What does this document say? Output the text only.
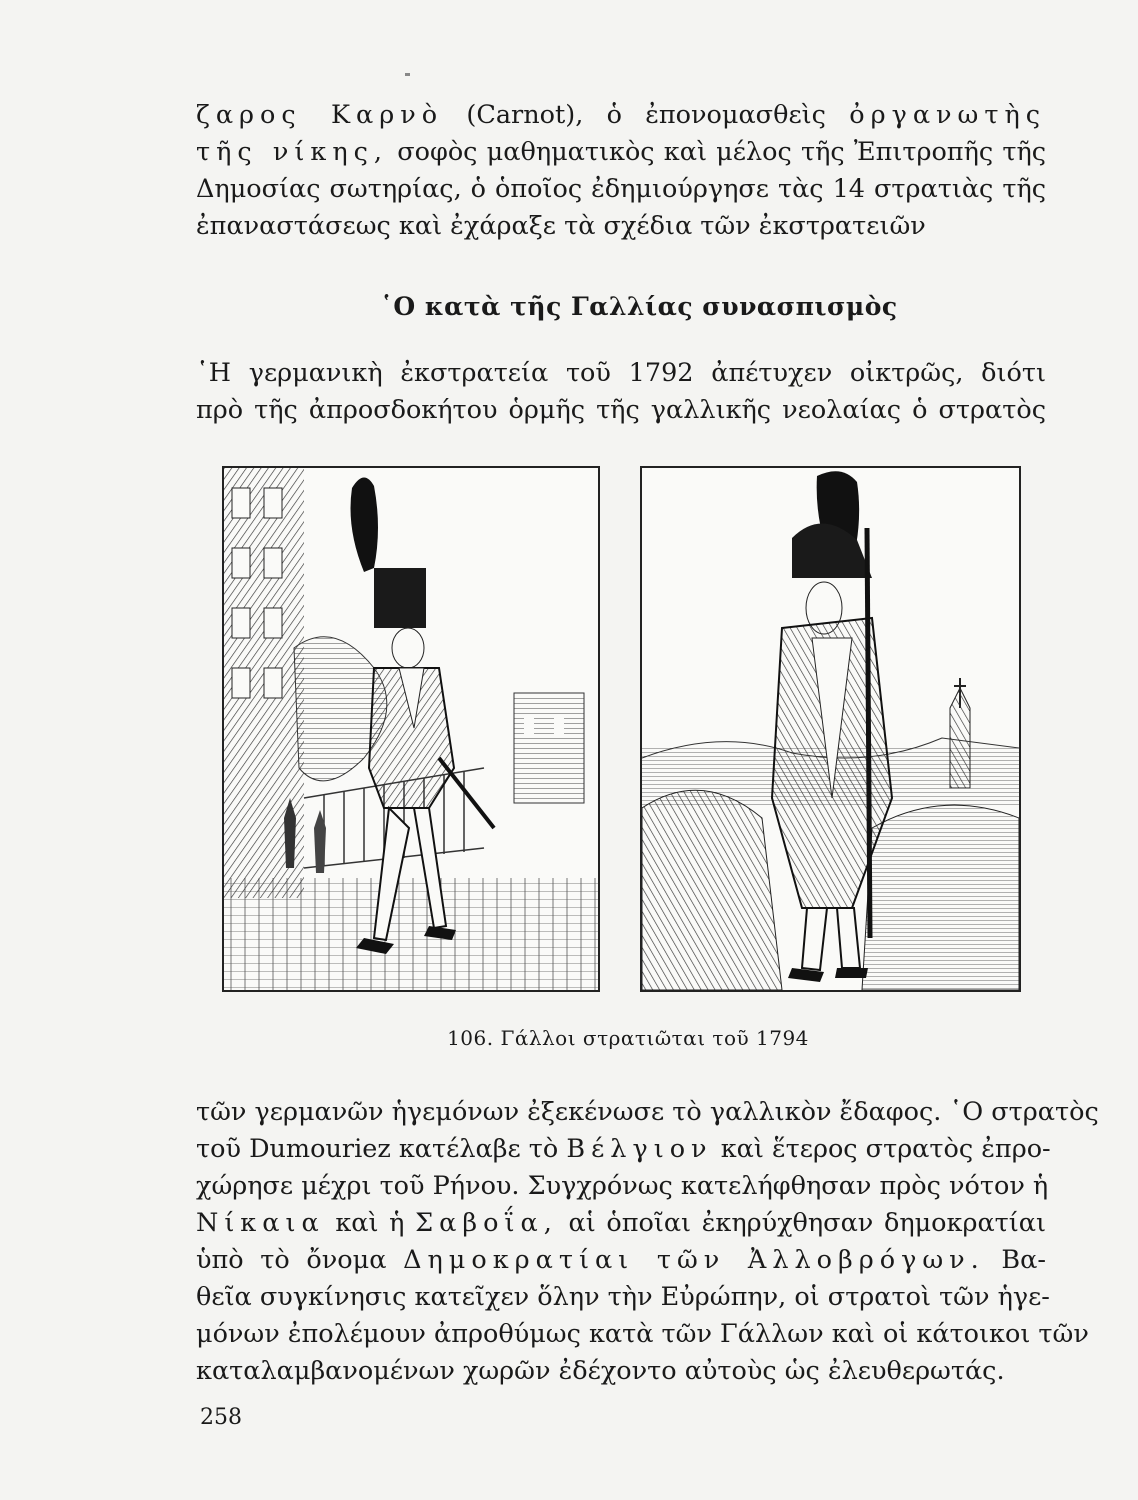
ζαρος Καρνὸ (Carnot), ὁ ἐπονομασθεὶς ὀργανωτὴς
τῆς νίκης, σοφὸς μαθηματικὸς καὶ μέλος τῆς Ἐπιτροπῆς τῆς
Δημοσίας σωτηρίας, ὁ ὁποῖος ἐδημιούργησε τὰς 14 στρατιὰς τῆς
ἐπαναστάσεως καὶ ἐχάραξε τὰ σχέδια τῶν ἐκστρατειῶν
῾Ο κατὰ τῆς Γαλλίας συνασπισμὸς
῾Η γερμανικὴ ἐκστρατεία τοῦ 1792 ἀπέτυχεν οἰκτρῶς, διότι
πρὸ τῆς ἀπροσδοκήτου ὁρμῆς τῆς γαλλικῆς νεολαίας ὁ στρατὸς
106. Γάλλοι στρατιῶται τοῦ 1794
τῶν γερμανῶν ἡγεμόνων ἐξεκένωσε τὸ γαλλικὸν ἔδαφος. ῾Ο στρατὸς
τοῦ Dumouriez κατέλαβε τὸ Βέλγιον καὶ ἕτερος στρατὸς ἐπρο-
χώρησε μέχρι τοῦ Ρήνου. Συγχρόνως κατελήφθησαν πρὸς νότον ἡ
Νίκαια καὶ ἡ Σαβοΐα, αἱ ὁποῖαι ἐκηρύχθησαν δημοκρατίαι
ὑπὸ τὸ ὄνομα Δημοκρατίαι τῶν Ἀλλοβρόγων. Βα-
θεῖα συγκίνησις κατεῖχεν ὅλην τὴν Εὐρώπην, οἱ στρατοὶ τῶν ἡγε-
μόνων ἐπολέμουν ἀπροθύμως κατὰ τῶν Γάλλων καὶ οἱ κάτοικοι τῶν
καταλαμβανομένων χωρῶν ἐδέχοντο αὐτοὺς ὡς ἐλευθερωτάς.
258
